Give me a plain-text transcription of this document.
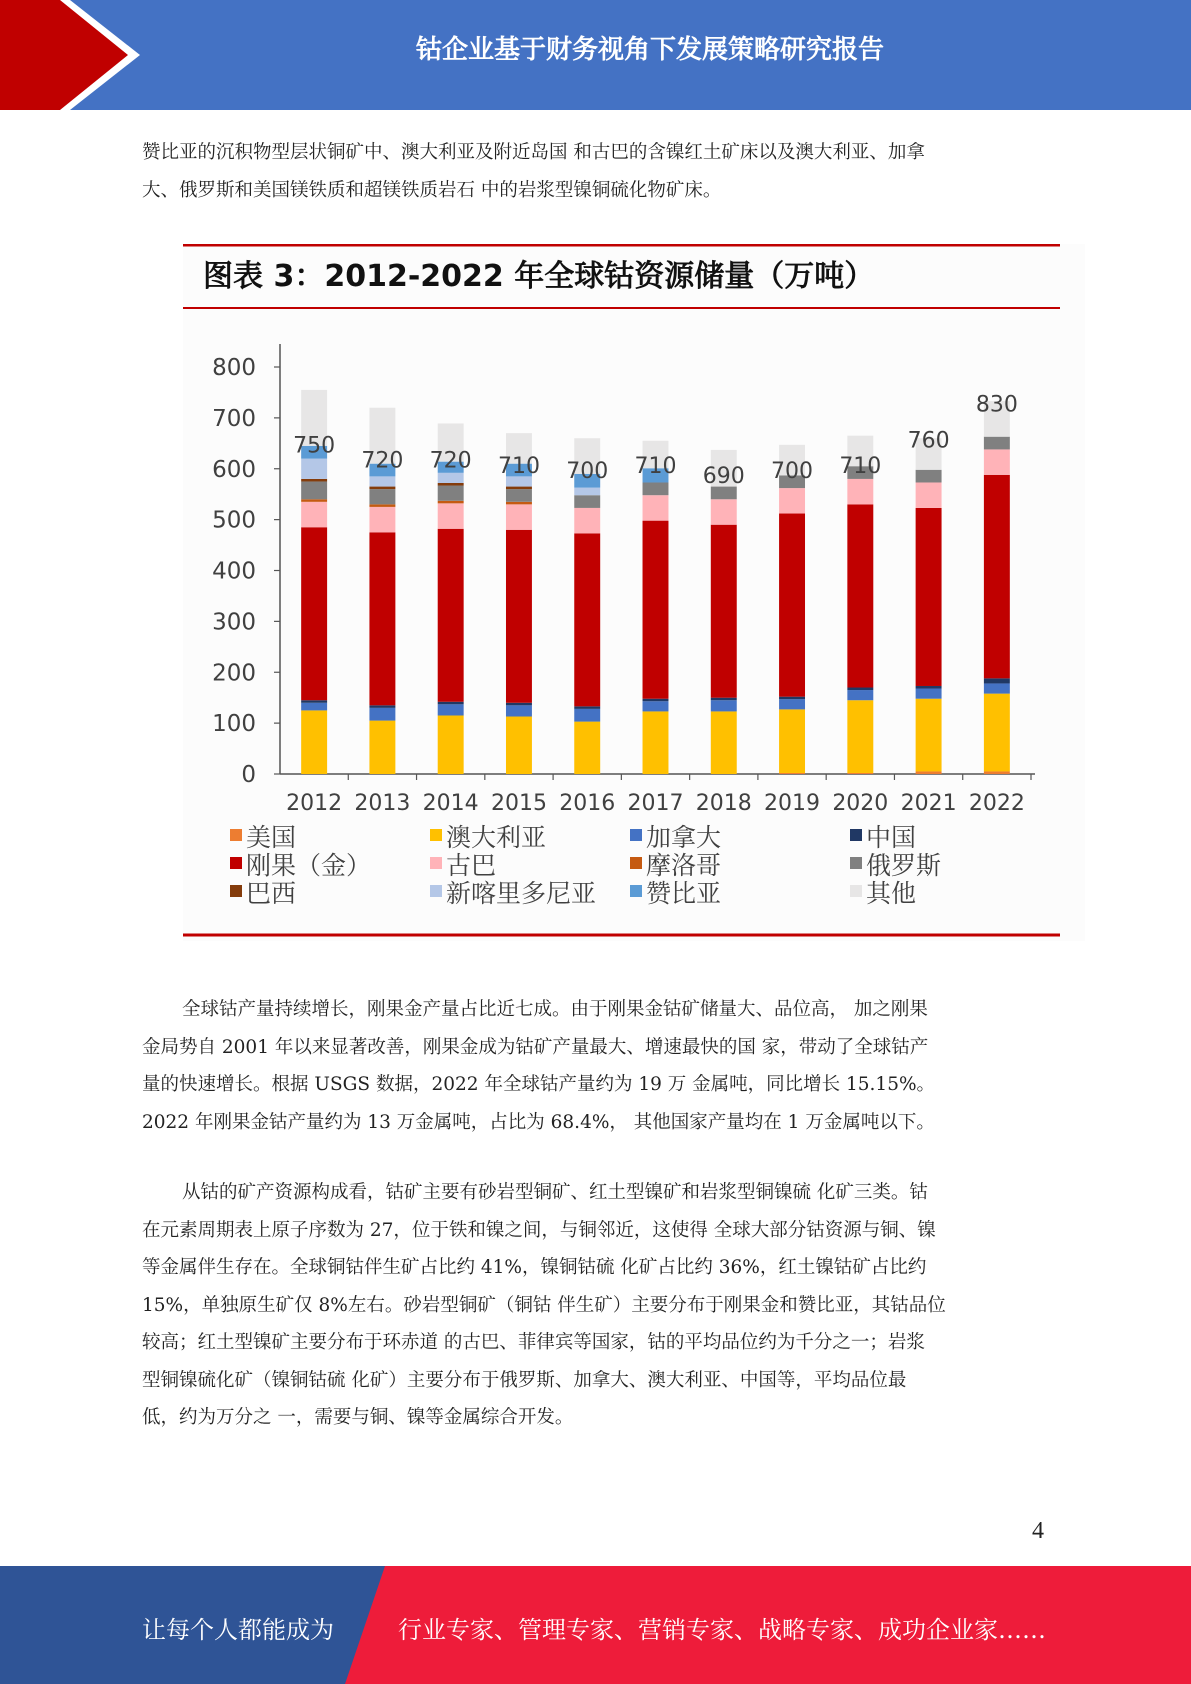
钴企业基于财务视角下发展策略研究报告

赞比亚的沉积物型层状铜矿中、澳大利亚及附近岛国 和古巴的含镍红土矿床以及澳大利亚、加拿
大、俄罗斯和美国镁铁质和超镁铁质岩石 中的岩浆型镍铜硫化物矿床。

图表 3：2012-2022 年全球钴资源储量（万吨）
0
100
200
300
400
500
600
700
800
2012
750
2013
720
2014
720
2015
710
2016
700
2017
710
2018
690
2019
700
2020
710
2021
760
2022
830
美国	澳大利亚	加拿大	中国
刚果（金）	古巴	摩洛哥	俄罗斯
巴西	新喀里多尼亚 赞比亚	其他

全球钴产量持续增长，刚果金产量占比近七成。由于刚果金钴矿储量大、品位高， 加之刚果
金局势自 2001 年以来显著改善，刚果金成为钴矿产量最大、增速最快的国 家，带动了全球钴产
量的快速增长。根据 USGS 数据，2022 年全球钴产量约为 19 万 金属吨，同比增长 15.15%。
2022 年刚果金钴产量约为 13 万金属吨，占比为 68.4%， 其他国家产量均在 1 万金属吨以下。

从钴的矿产资源构成看，钴矿主要有砂岩型铜矿、红土型镍矿和岩浆型铜镍硫 化矿三类。钴
在元素周期表上原子序数为 27，位于铁和镍之间，与铜邻近，这使得 全球大部分钴资源与铜、镍
等金属伴生存在。全球铜钴伴生矿占比约 41%，镍铜钴硫 化矿占比约 36%，红土镍钴矿占比约
15%，单独原生矿仅 8%左右。砂岩型铜矿（铜钴 伴生矿）主要分布于刚果金和赞比亚，其钴品位
较高；红土型镍矿主要分布于环赤道 的古巴、菲律宾等国家，钴的平均品位约为千分之一；岩浆
型铜镍硫化矿（镍铜钴硫 化矿）主要分布于俄罗斯、加拿大、澳大利亚、中国等，平均品位最
低，约为万分之 一，需要与铜、镍等金属综合开发。

4
让每个人都能成为	行业专家、管理专家、营销专家、战略专家、成功企业家……
